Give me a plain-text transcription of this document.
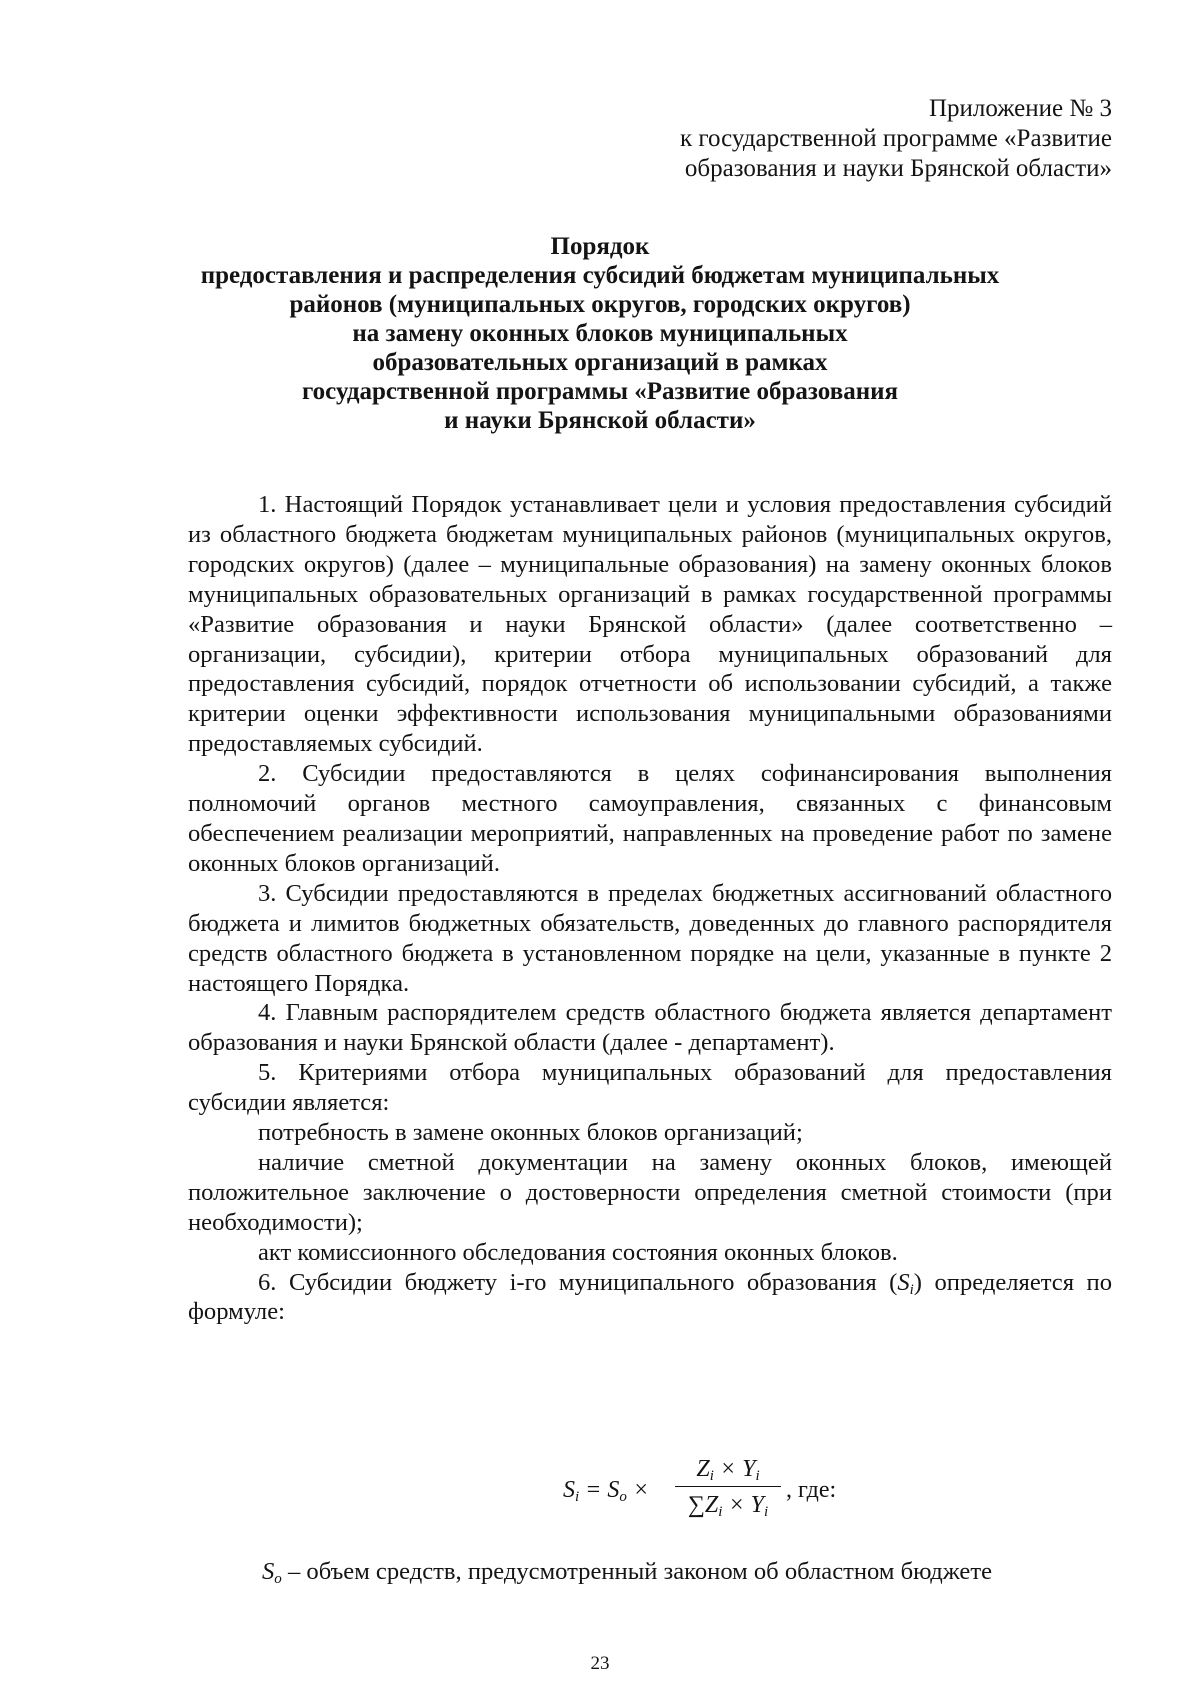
Приложение № 3
к государственной программе «Развитие
образования и науки Брянской области»
Порядок
предоставления и распределения субсидий бюджетам муниципальных
районов (муниципальных округов, городских округов)
на замену оконных блоков муниципальных
образовательных организаций в рамках
государственной программы «Развитие образования
и науки Брянской области»

1. Настоящий Порядок устанавливает цели и условия предоставления субсидий из областного бюджета бюджетам муниципальных районов (муниципальных округов, городских округов) (далее – муниципальные образования) на замену оконных блоков муниципальных образовательных организаций в рамках государственной программы «Развитие образования и науки Брянской области» (далее соответственно – организации, субсидии), критерии отбора муниципальных образований для предоставления субсидий, порядок отчетности об использовании субсидий, а также критерии оценки эффективности использования муниципальными образованиями предоставляемых субсидий.

2. Субсидии предоставляются в целях софинансирования выполнения полномочий органов местного самоуправления, связанных с финансовым обеспечением реализации мероприятий, направленных на проведение работ по замене оконных блоков организаций.

3. Субсидии предоставляются в пределах бюджетных ассигнований областного бюджета и лимитов бюджетных обязательств, доведенных до главного распорядителя средств областного бюджета в установленном порядке на цели, указанные в пункте 2 настоящего Порядка.

4. Главным распорядителем средств областного бюджета является департамент образования и науки Брянской области (далее - департамент).

5. Критериями отбора муниципальных образований для предоставления субсидии является:

потребность в замене оконных блоков организаций;

наличие сметной документации на замену оконных блоков, имеющей положительное заключение о достоверности определения сметной стоимости (при необходимости);

акт комиссионного обследования состояния оконных блоков.

6. Субсидии бюджету i-го муниципального образования $(S_i)$ определяется по формуле:

$S_i = S_o$ ×
$Z_i \times Y_i$
$\sum Z_i \times Y_i$
, где:
$S_o$ – объем средств, предусмотренный законом об областном бюджете
23
